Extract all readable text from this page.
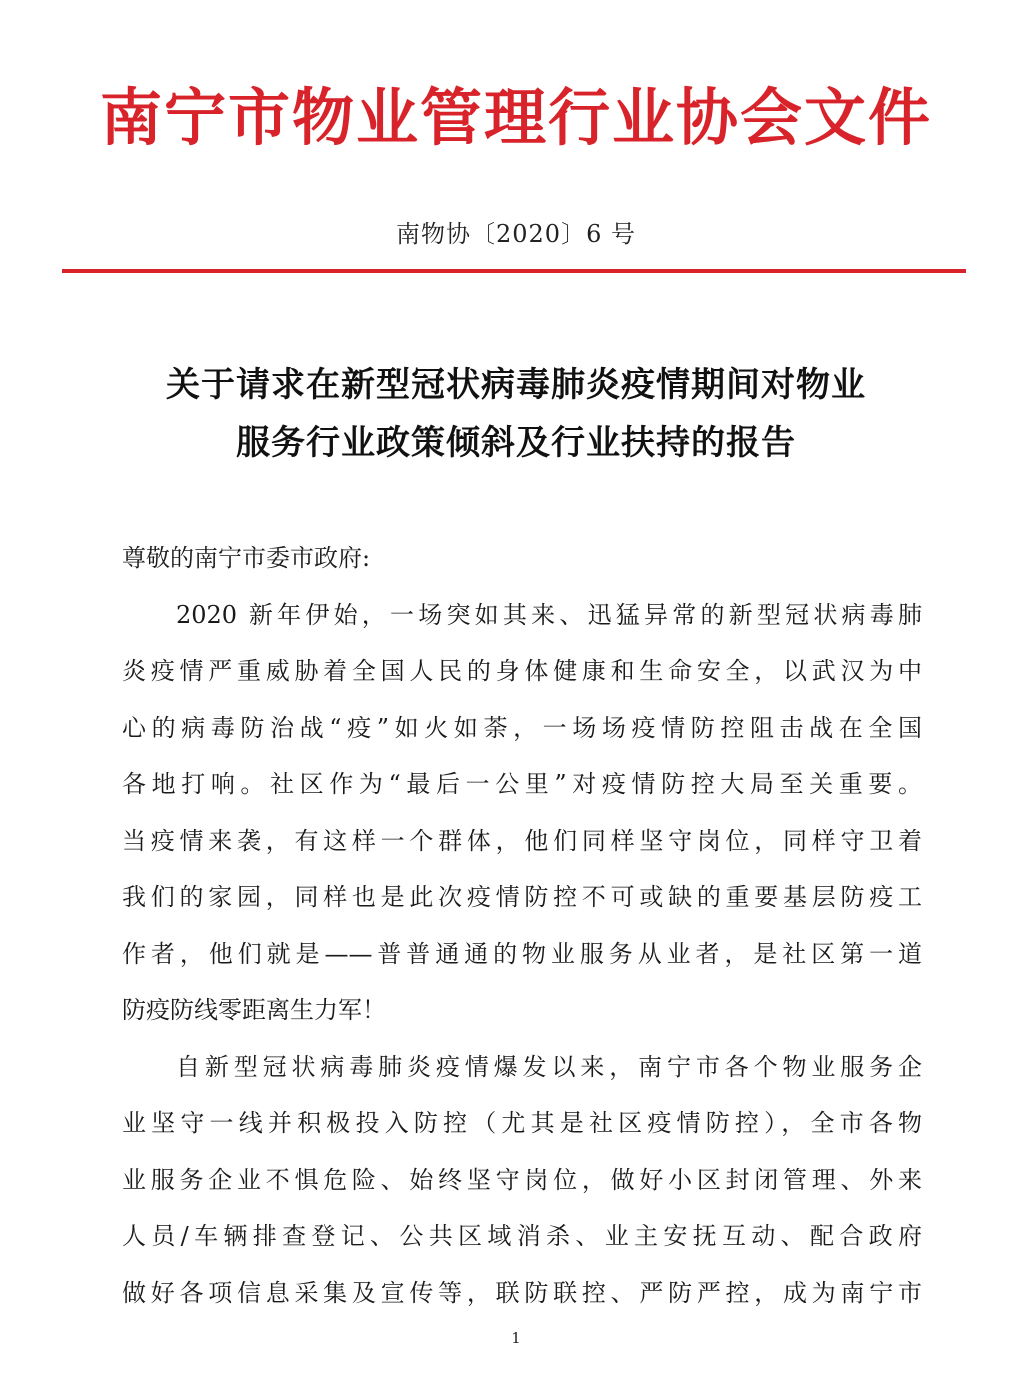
南宁市物业管理行业协会文件
南物协〔2020〕6 号
关于请求在新型冠状病毒肺炎疫情期间对物业
服务行业政策倾斜及行业扶持的报告
尊敬的南宁市委市政府:
2020 新年伊始，一场突如其来、迅猛异常的新型冠状病毒肺
炎疫情严重威胁着全国人民的身体健康和生命安全，以武汉为中
心的病毒防治战“疫”如火如荼，一场场疫情防控阻击战在全国
各地打响。社区作为“最后一公里”对疫情防控大局至关重要。
当疫情来袭，有这样一个群体，他们同样坚守岗位，同样守卫着
我们的家园，同样也是此次疫情防控不可或缺的重要基层防疫工
作者，他们就是——普普通通的物业服务从业者，是社区第一道
防疫防线零距离生力军！
自新型冠状病毒肺炎疫情爆发以来，南宁市各个物业服务企
业坚守一线并积极投入防控（尤其是社区疫情防控），全市各物
业服务企业不惧危险、始终坚守岗位，做好小区封闭管理、外来
人员/车辆排查登记、公共区域消杀、业主安抚互动、配合政府
做好各项信息采集及宣传等，联防联控、严防严控，成为南宁市
1
